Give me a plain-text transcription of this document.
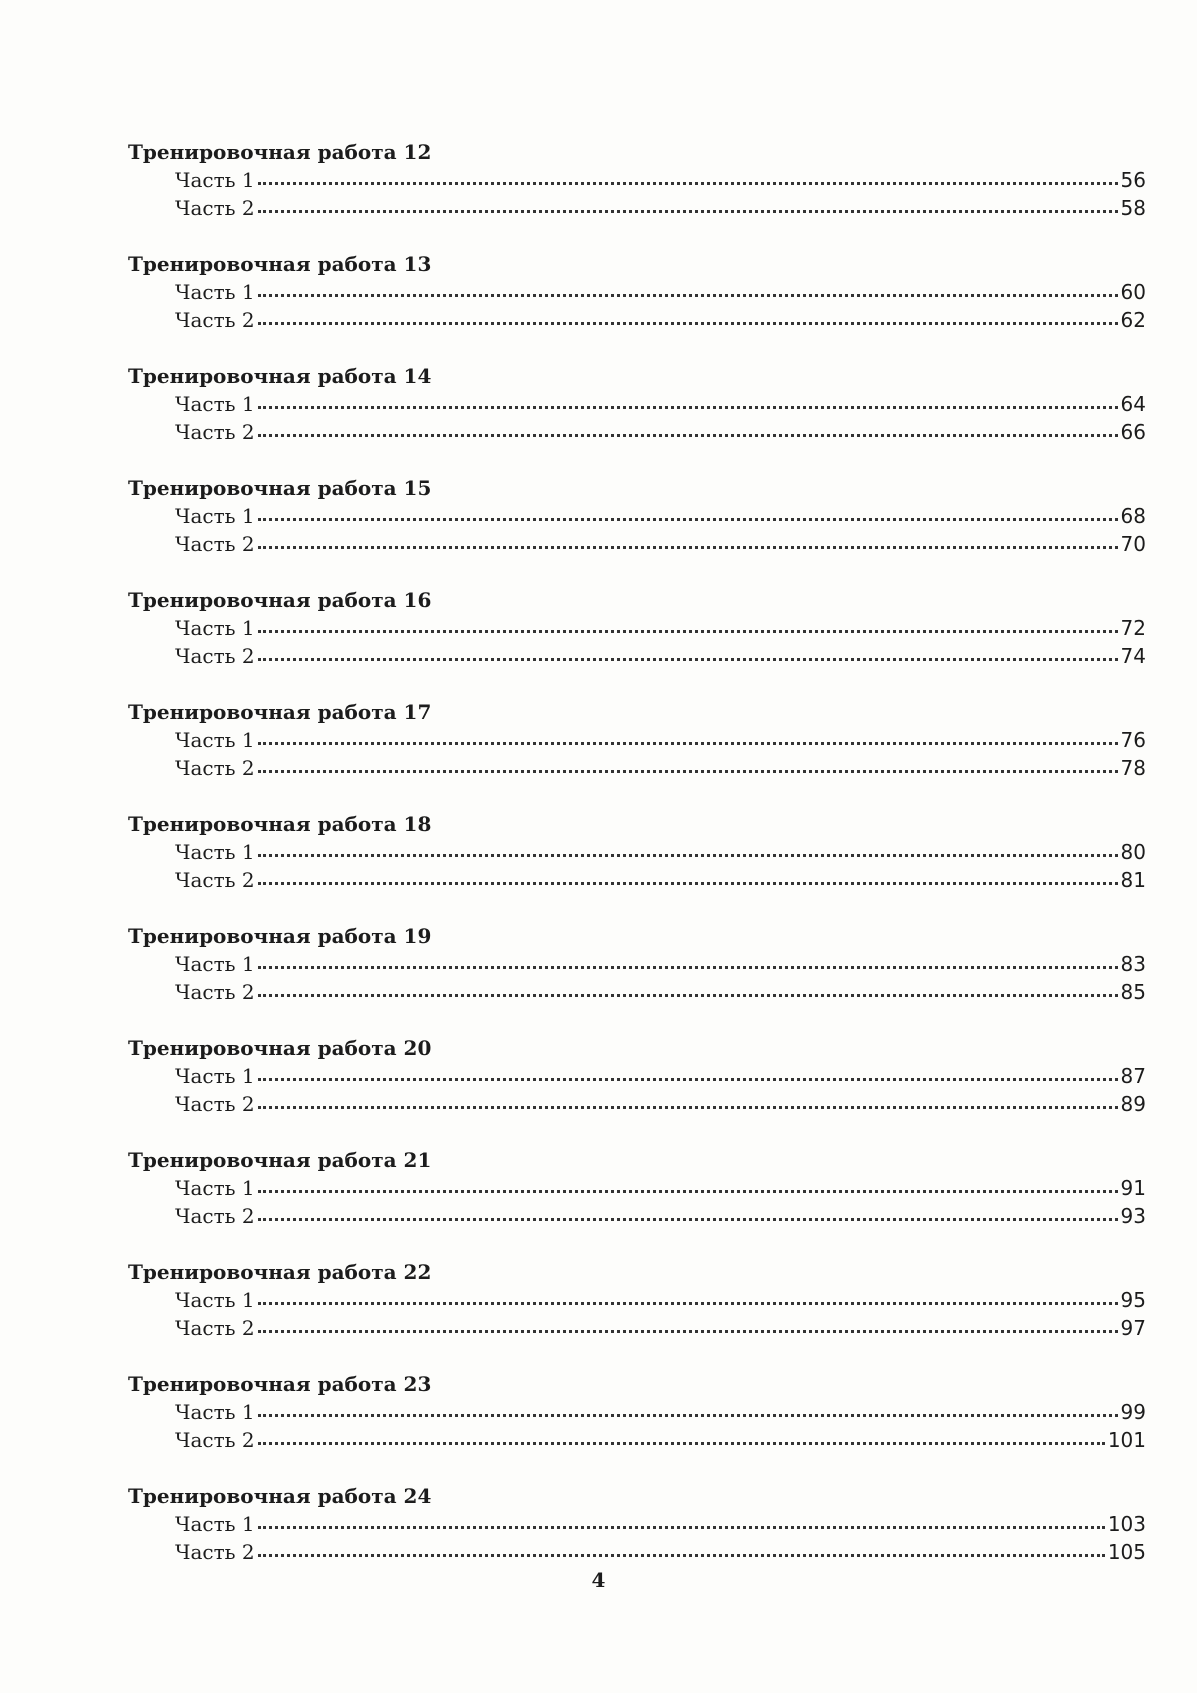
Тренировочная работа 12
Часть 1	56
Часть 2	58
Тренировочная работа 13
Часть 1	60
Часть 2	62
Тренировочная работа 14
Часть 1	64
Часть 2	66
Тренировочная работа 15
Часть 1	68
Часть 2	70
Тренировочная работа 16
Часть 1	72
Часть 2	74
Тренировочная работа 17
Часть 1	76
Часть 2	78
Тренировочная работа 18
Часть 1	80
Часть 2	81
Тренировочная работа 19
Часть 1	83
Часть 2	85
Тренировочная работа 20
Часть 1	87
Часть 2	89
Тренировочная работа 21
Часть 1	91
Часть 2	93
Тренировочная работа 22
Часть 1	95
Часть 2	97
Тренировочная работа 23
Часть 1	99
Часть 2	101
Тренировочная работа 24
Часть 1	103
Часть 2	105
4
